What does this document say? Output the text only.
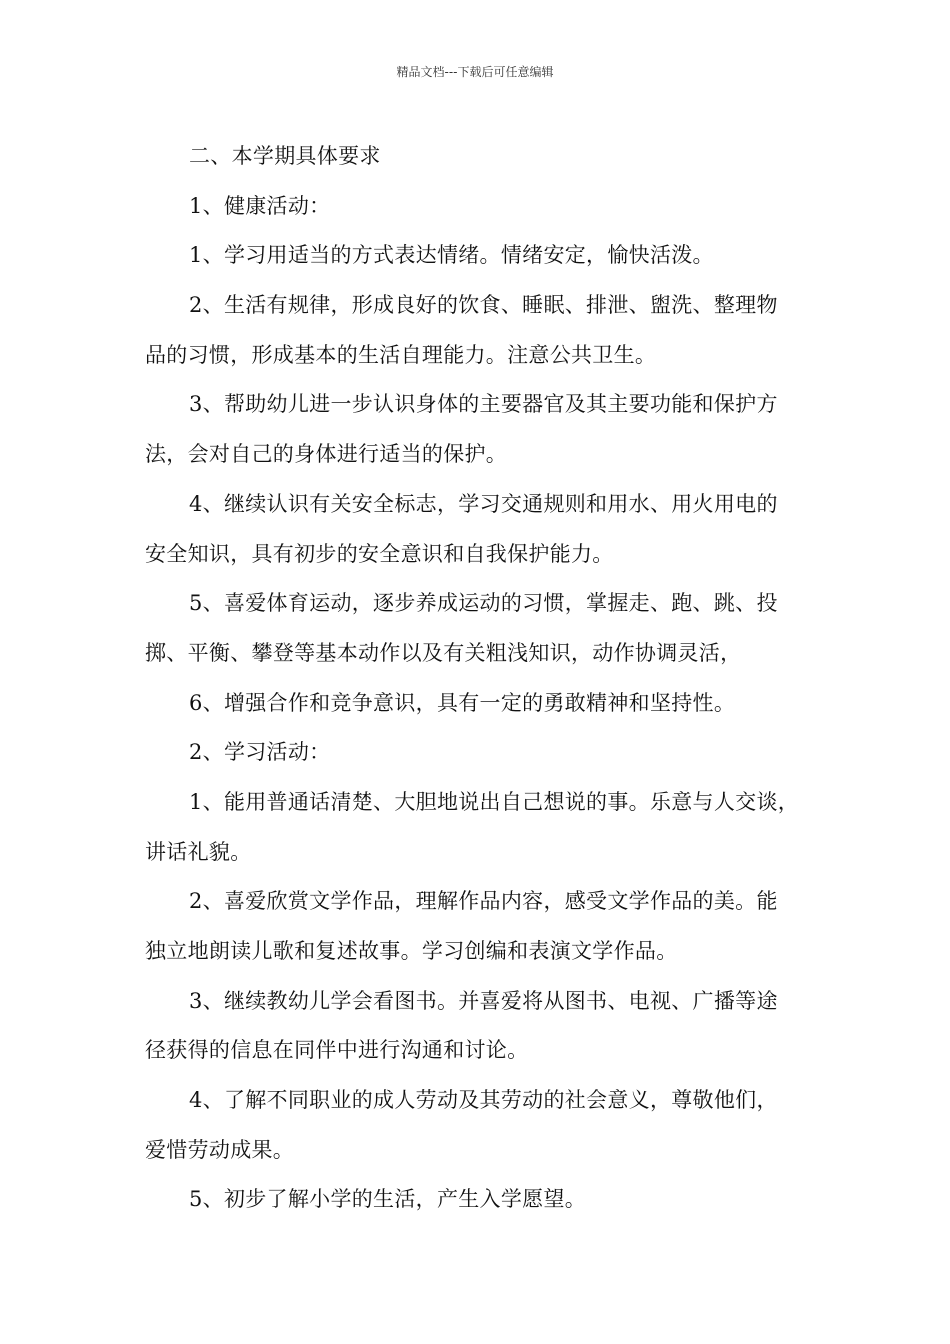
精品文档---下载后可任意编辑
二、本学期具体要求
1、健康活动：
1、学习用适当的方式表达情绪。情绪安定，愉快活泼。
2、生活有规律，形成良好的饮食、睡眠、排泄、盥洗、整理物
品的习惯，形成基本的生活自理能力。注意公共卫生。
3、帮助幼儿进一步认识身体的主要器官及其主要功能和保护方
法，会对自己的身体进行适当的保护。
4、继续认识有关安全标志，学习交通规则和用水、用火用电的
安全知识，具有初步的安全意识和自我保护能力。
5、喜爱体育运动，逐步养成运动的习惯，掌握走、跑、跳、投
掷、平衡、攀登等基本动作以及有关粗浅知识，动作协调灵活，
6、增强合作和竞争意识，具有一定的勇敢精神和坚持性。
2、学习活动：
1、能用普通话清楚、大胆地说出自己想说的事。乐意与人交谈，
讲话礼貌。
2、喜爱欣赏文学作品，理解作品内容，感受文学作品的美。能
独立地朗读儿歌和复述故事。学习创编和表演文学作品。
3、继续教幼儿学会看图书。并喜爱将从图书、电视、广播等途
径获得的信息在同伴中进行沟通和讨论。
4、了解不同职业的成人劳动及其劳动的社会意义，尊敬他们，
爱惜劳动成果。
5、初步了解小学的生活，产生入学愿望。
